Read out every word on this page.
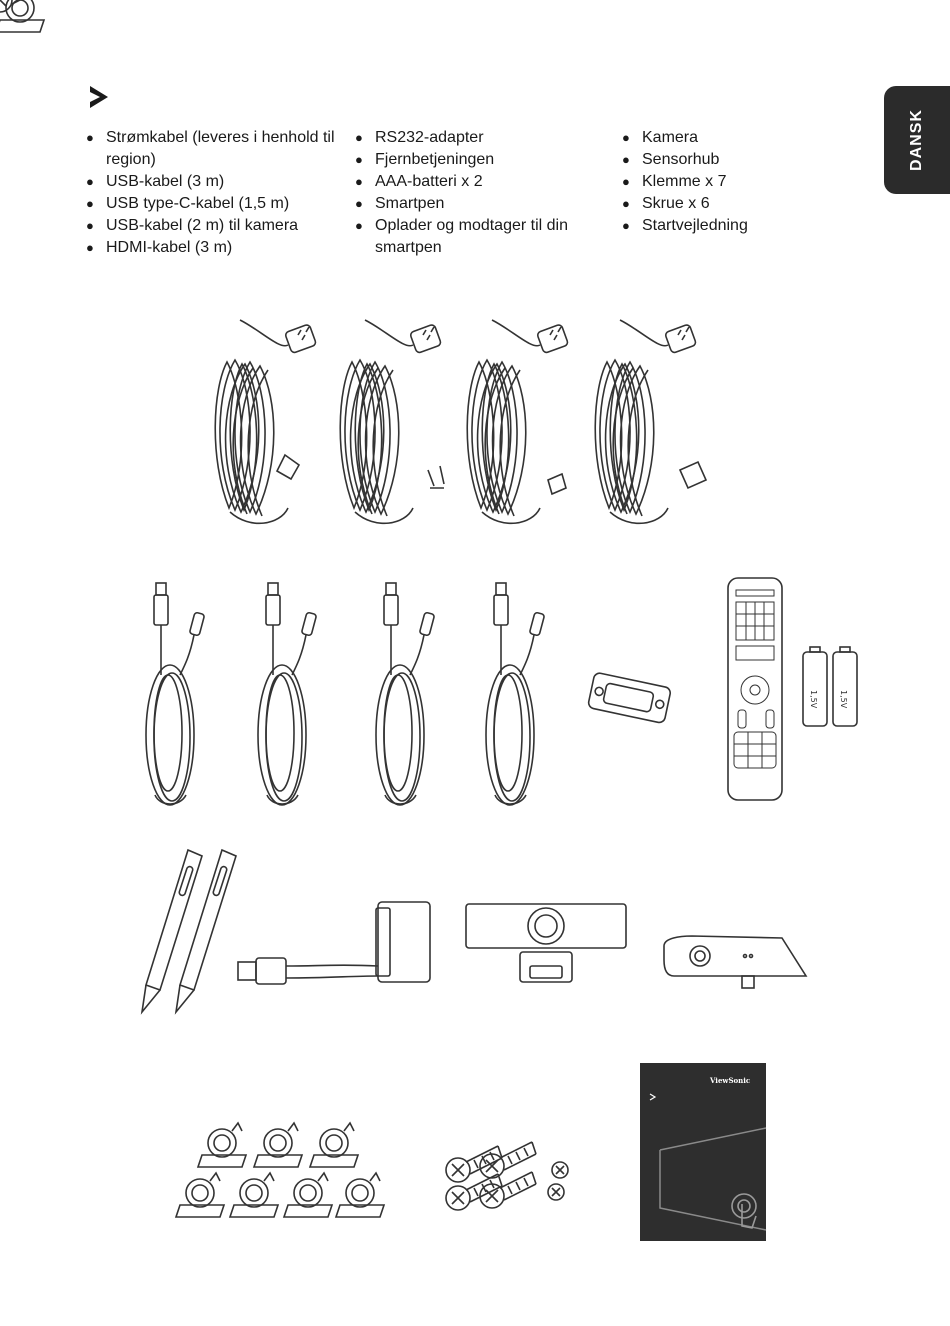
DANSK
● Strømkabel (leveres i henhold til region)
● USB-kabel (3 m)
● USB type-C-kabel (1,5 m)
● USB-kabel (2 m) til kamera
● HDMI-kabel (3 m)
● RS232-adapter
● Fjernbetjeningen
● AAA-batteri x 2
● Smartpen
● Oplader og modtager til din smartpen
● Kamera
● Sensorhub
● Klemme x 7
● Skrue x 6
● Startvejledning
1,5V	1,5V
ViewSonic
